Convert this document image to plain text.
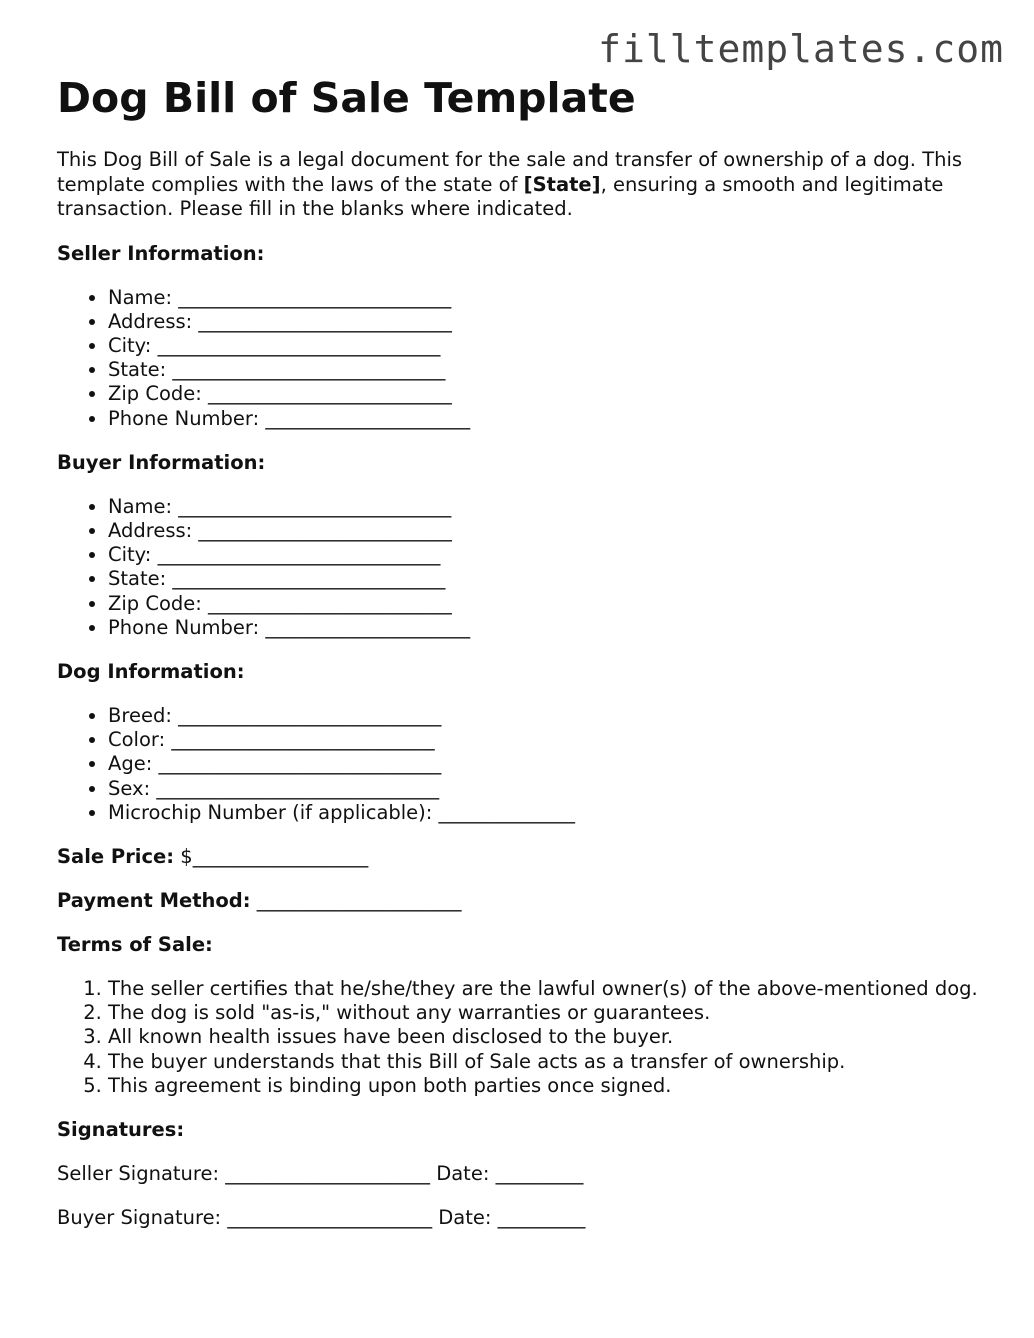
filltemplates.com
Dog Bill of Sale Template

This Dog Bill of Sale is a legal document for the sale and transfer of ownership of a dog. This template complies with the laws of the state of [State], ensuring a smooth and legitimate transaction. Please fill in the blanks where indicated.

Seller Information:

• Name: ____________________________
• Address: __________________________
• City: _____________________________
• State: ____________________________
• Zip Code: _________________________
• Phone Number: _____________________

Buyer Information:

• Name: ____________________________
• Address: __________________________
• City: _____________________________
• State: ____________________________
• Zip Code: _________________________
• Phone Number: _____________________

Dog Information:

• Breed: ___________________________
• Color: ___________________________
• Age: _____________________________
• Sex: _____________________________
• Microchip Number (if applicable): ______________

Sale Price: $__________________

Payment Method: _____________________

Terms of Sale:

1. The seller certifies that he/she/they are the lawful owner(s) of the above-mentioned dog.
2. The dog is sold "as-is," without any warranties or guarantees.
3. All known health issues have been disclosed to the buyer.
4. The buyer understands that this Bill of Sale acts as a transfer of ownership.
5. This agreement is binding upon both parties once signed.

Signatures:

Seller Signature: _____________________ Date: _________

Buyer Signature: _____________________ Date: _________
